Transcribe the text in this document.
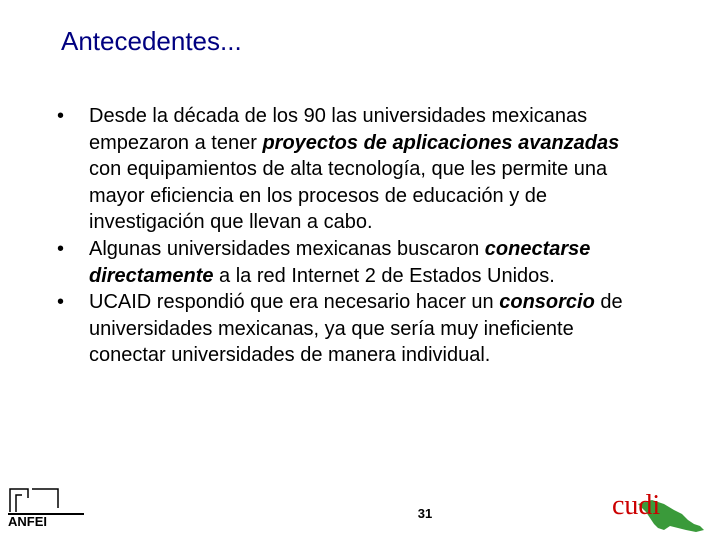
Antecedentes...
•	Desde la década de los 90 las universidades mexicanas empezaron a tener proyectos de aplicaciones avanzadas con equipamientos de alta tecnología, que les permite una mayor eficiencia en los procesos de educación y de investigación que llevan a cabo.
•	Algunas universidades mexicanas buscaron conectarse directamente a la red Internet 2 de Estados Unidos.
•	UCAID respondió que era necesario hacer un consorcio de universidades mexicanas, ya que sería muy ineficiente conectar universidades de manera individual.
ANFEI
31	cudi
